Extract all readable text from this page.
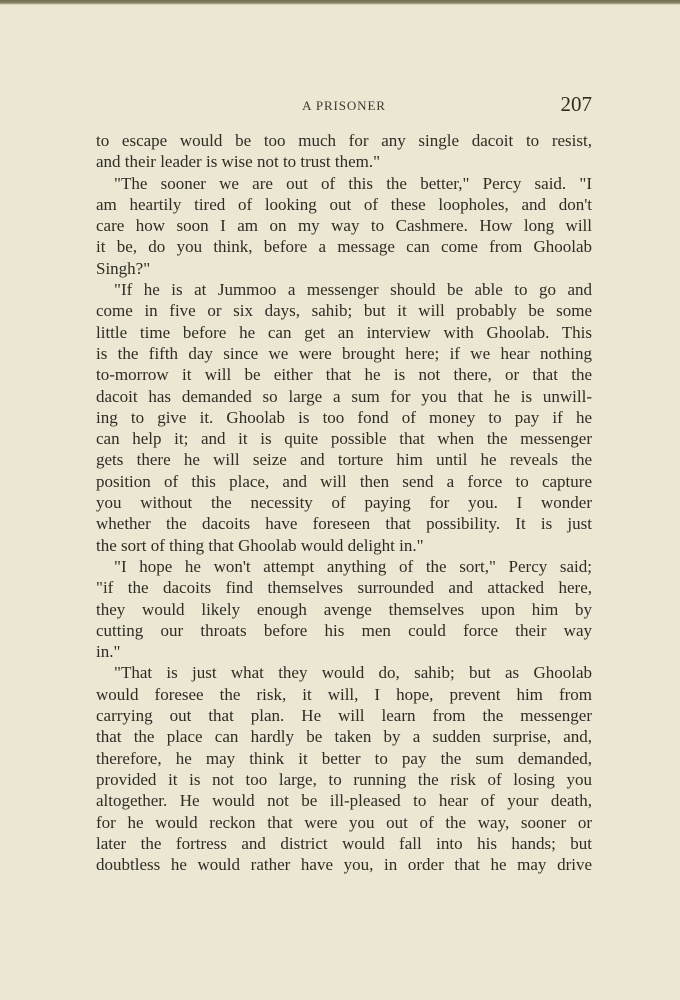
A PRISONER	207
to escape would be too much for any single dacoit to resist,
and their leader is wise not to trust them."
"The sooner we are out of this the better," Percy said. "I
am heartily tired of looking out of these loopholes, and don't
care how soon I am on my way to Cashmere. How long will
it be, do you think, before a message can come from Ghoolab
Singh?"
"If he is at Jummoo a messenger should be able to go and
come in five or six days, sahib; but it will probably be some
little time before he can get an interview with Ghoolab. This
is the fifth day since we were brought here; if we hear nothing
to-morrow it will be either that he is not there, or that the
dacoit has demanded so large a sum for you that he is unwill-
ing to give it. Ghoolab is too fond of money to pay if he
can help it; and it is quite possible that when the messenger
gets there he will seize and torture him until he reveals the
position of this place, and will then send a force to capture
you without the necessity of paying for you. I wonder
whether the dacoits have foreseen that possibility. It is just
the sort of thing that Ghoolab would delight in."
"I hope he won't attempt anything of the sort," Percy said;
"if the dacoits find themselves surrounded and attacked here,
they would likely enough avenge themselves upon him by
cutting our throats before his men could force their way
in."
"That is just what they would do, sahib; but as Ghoolab
would foresee the risk, it will, I hope, prevent him from
carrying out that plan. He will learn from the messenger
that the place can hardly be taken by a sudden surprise, and,
therefore, he may think it better to pay the sum demanded,
provided it is not too large, to running the risk of losing you
altogether. He would not be ill-pleased to hear of your death,
for he would reckon that were you out of the way, sooner or
later the fortress and district would fall into his hands; but
doubtless he would rather have you, in order that he may drive
